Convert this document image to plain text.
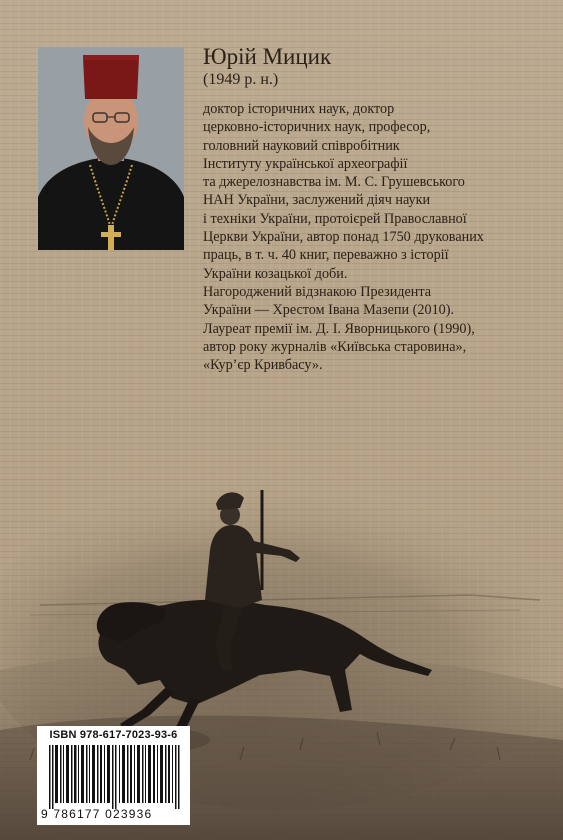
Юрій Мицик
(1949 р. н.)
доктор історичних наук, доктор
церковно-історичних наук, професор,
головний науковий співробітник
Інституту української археографії
та джерелознавства ім. М. С. Грушевського
НАН України, заслужений діяч науки
і техніки України, протоієрей Православної
Церкви України, автор понад 1750 друкованих
праць, в т. ч. 40 книг, переважно з історії
України козацької доби.
Нагороджений відзнакою Президента
України — Хрестом Івана Мазепи (2010).
Лауреат премії ім. Д. І. Яворницького (1990),
автор року журналів «Київська старовина»,
«Кур’єр Кривбасу».
ISBN 978-617-7023-93-6
9 786177 023936
